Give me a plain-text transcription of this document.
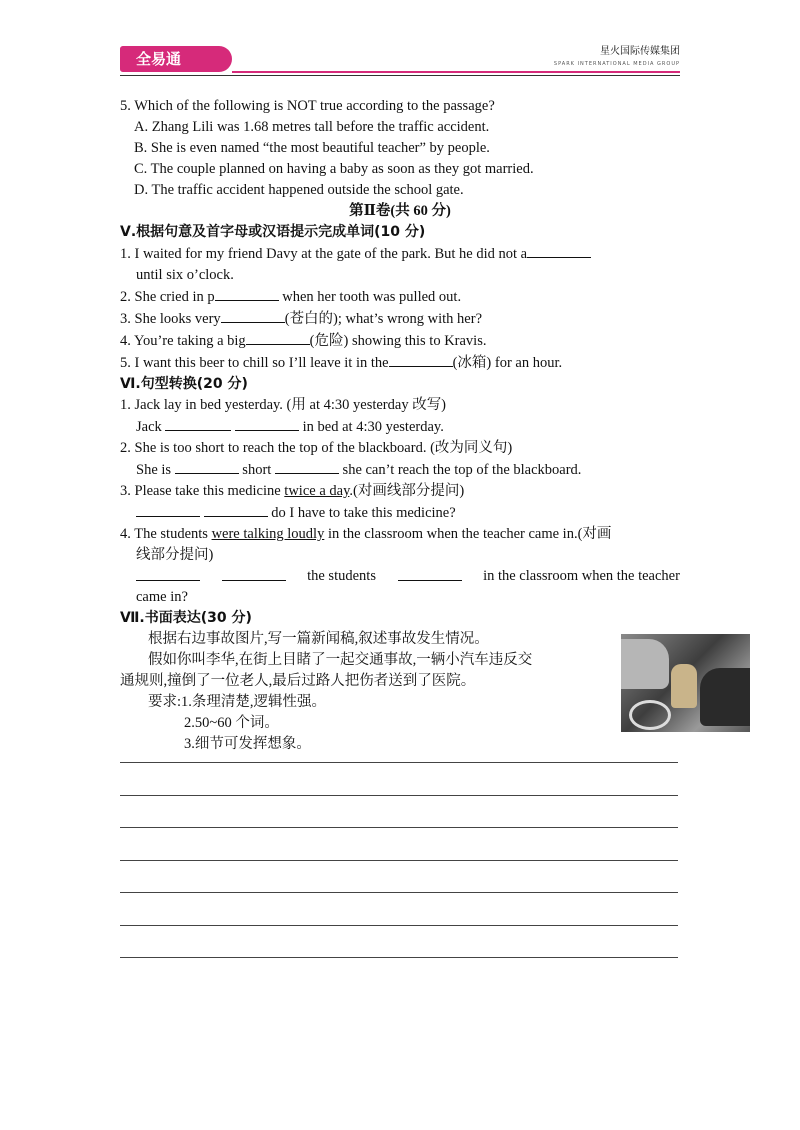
全易通	星火国际传媒集团
SPARK INTERNATIONAL MEDIA GROUP
5. Which of the following is NOT true according to the passage?
A. Zhang Lili was 1.68 metres tall before the traffic accident.
B. She is even named “the most beautiful teacher” by people.
C. The couple planned on having a baby as soon as they got married.
D. The traffic accident happened outside the school gate.
第Ⅱ卷(共 60 分)
Ⅴ.根据句意及首字母或汉语提示完成单词(10 分)
1. I waited for my friend Davy at the gate of the park. But he did not a
until six o’clock.
2. She cried in p	when her tooth was pulled out.
3. She looks very	(苍白的); what’s wrong with her?
4. You’re taking a big	(危险) showing this to Kravis.
5. I want this beer to chill so I’ll leave it in the	(冰箱) for an hour.
Ⅵ.句型转换(20 分)
1. Jack lay in bed yesterday. (用 at 4:30 yesterday 改写)
Jack	in bed at 4:30 yesterday.
2. She is too short to reach the top of the blackboard. (改为同义句)
She is	short	she can’t reach the top of the blackboard.
3. Please take this medicine twice a day.(对画线部分提问)
do I have to take this medicine?
4. The students were talking loudly in the classroom when the teacher came in.(对画
线部分提问)
the students	in the classroom when the teacher
came in?
Ⅶ.书面表达(30 分)
根据右边事故图片,写一篇新闻稿,叙述事故发生情况。
假如你叫李华,在街上目睹了一起交通事故,一辆小汽车违反交
通规则,撞倒了一位老人,最后过路人把伤者送到了医院。
要求:1.条理清楚,逻辑性强。
2.50~60 个词。
3.细节可发挥想象。
